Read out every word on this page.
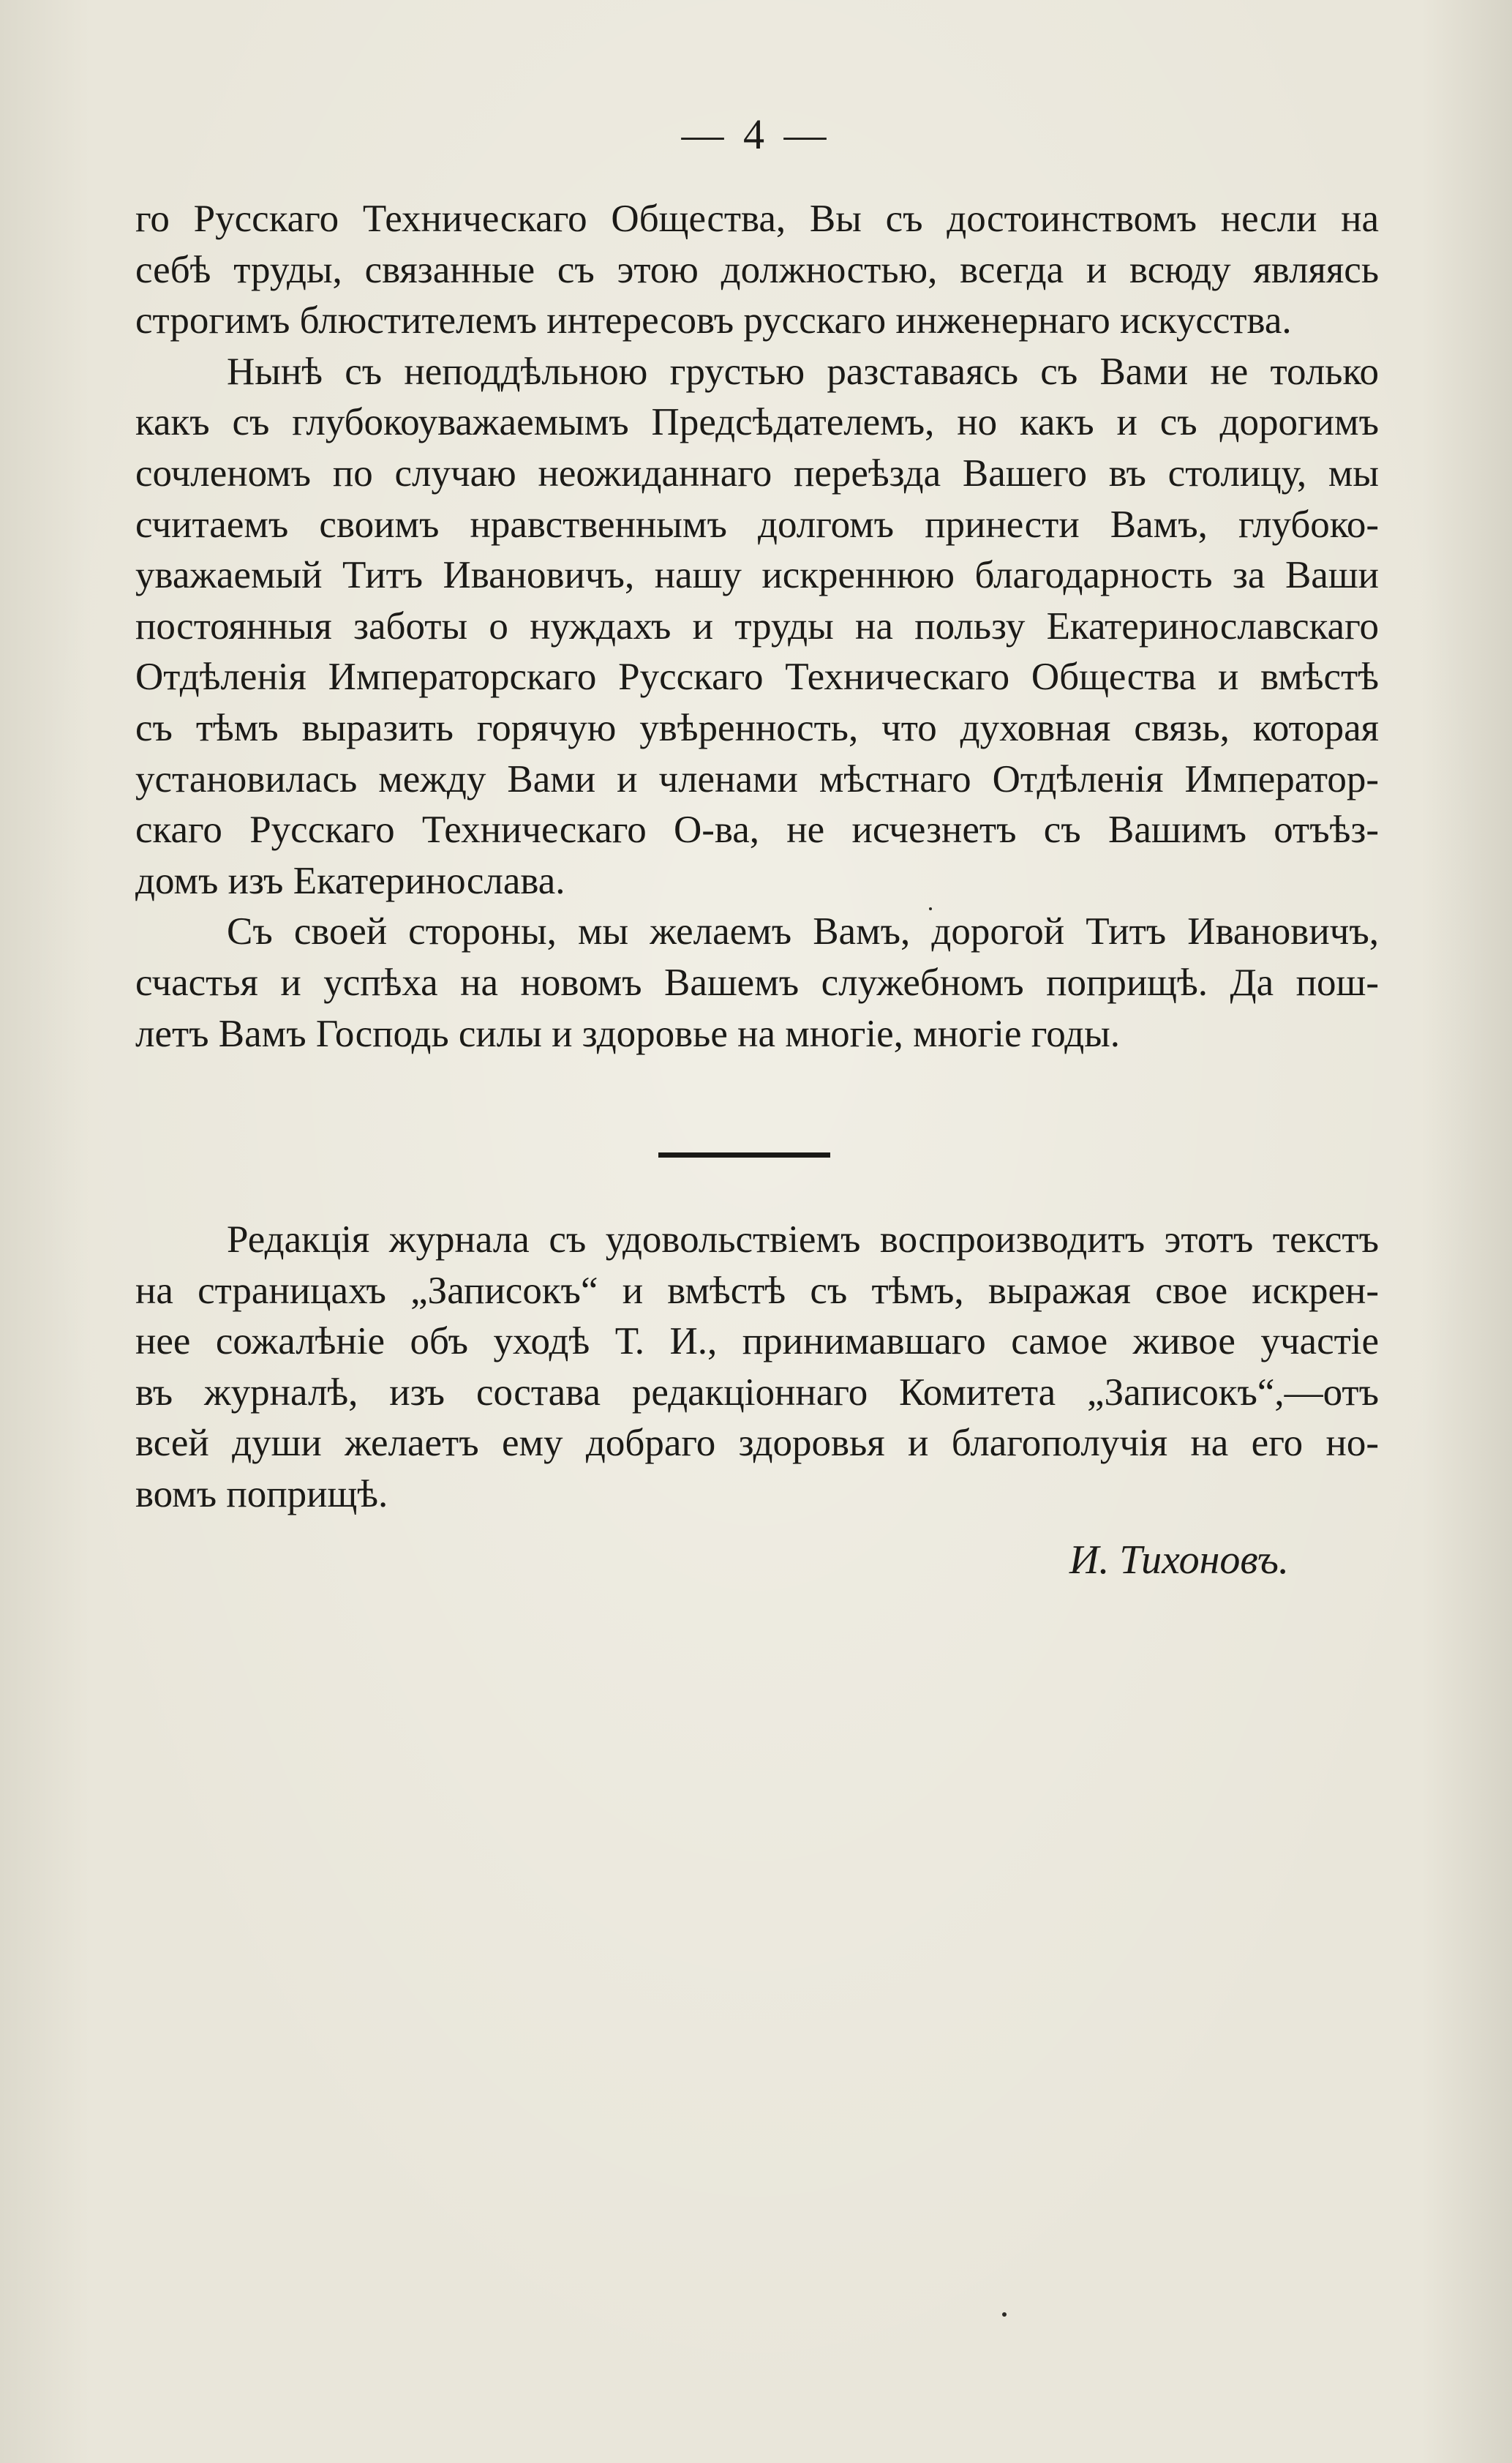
— 4 —
го Русскаго Техническаго Общества, Вы съ достоинствомъ несли на
себѣ труды, связанные съ этою должностью, всегда и всюду являясь
строгимъ блюстителемъ интересовъ русскаго инженернаго искусства.
Нынѣ съ неподдѣльною грустью разставаясь съ Вами не только
какъ съ глубокоуважаемымъ Предсѣдателемъ, но какъ и съ дорогимъ
сочленомъ по случаю неожиданнаго переѣзда Вашего въ столицу, мы
считаемъ своимъ нравственнымъ долгомъ принести Вамъ, глубоко-
уважаемый Титъ Ивановичъ, нашу искреннюю благодарность за Ваши
постоянныя заботы о нуждахъ и труды на пользу Екатеринославскаго
Отдѣленія Императорскаго Русскаго Техническаго Общества и вмѣстѣ
съ тѣмъ выразить горячую увѣренность, что духовная связь, которая
установилась между Вами и членами мѣстнаго Отдѣленія Император-
скаго Русскаго Техническаго О-ва, не исчезнетъ съ Вашимъ отъѣз-
домъ изъ Екатеринослава.
Съ своей стороны, мы желаемъ Вамъ, дорогой Титъ Ивановичъ,
счастья и успѣха на новомъ Вашемъ служебномъ поприщѣ. Да пош-
летъ Вамъ Господь силы и здоровье на многіе, многіе годы.
Редакція журнала съ удовольствіемъ воспроизводитъ этотъ текстъ
на страницахъ „Записокъ“ и вмѣстѣ съ тѣмъ, выражая свое искрен-
нее сожалѣніе объ уходѣ Т. И., принимавшаго самое живое участіе
въ журналѣ, изъ состава редакціоннаго Комитета „Записокъ“,—отъ
всей души желаетъ ему добраго здоровья и благополучія на его но-
вомъ поприщѣ.
И. Тихоновъ.
